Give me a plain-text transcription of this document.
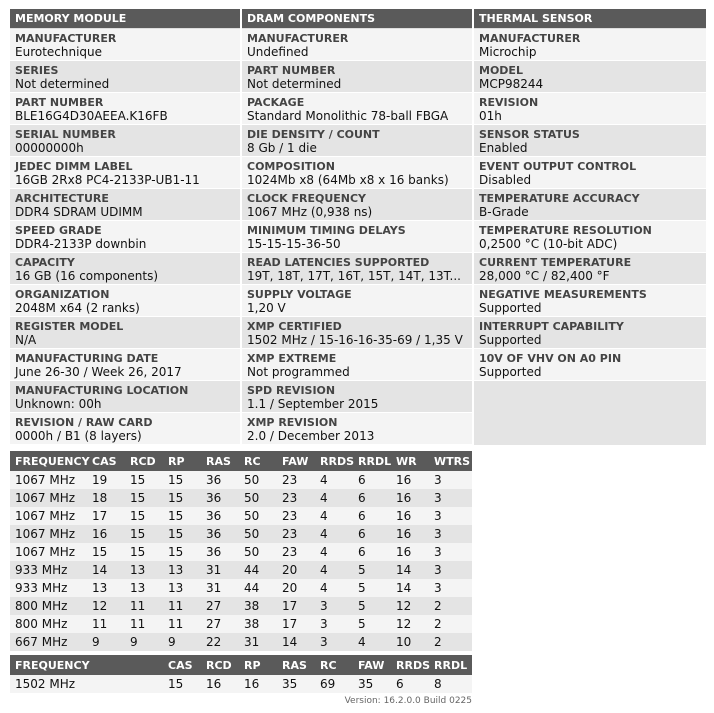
MEMORY MODULE
MANUFACTURER
Eurotechnique
SERIES
Not determined
PART NUMBER
BLE16G4D30AEEA.K16FB
SERIAL NUMBER
00000000h
JEDEC DIMM LABEL
16GB 2Rx8 PC4-2133P-UB1-11
ARCHITECTURE
DDR4 SDRAM UDIMM
SPEED GRADE
DDR4-2133P downbin
CAPACITY
16 GB (16 components)
ORGANIZATION
2048M x64 (2 ranks)
REGISTER MODEL
N/A
MANUFACTURING DATE
June 26-30 / Week 26, 2017
MANUFACTURING LOCATION
Unknown: 00h
REVISION / RAW CARD
0000h / B1 (8 layers)
DRAM COMPONENTS
MANUFACTURER
Undefined
PART NUMBER
Not determined
PACKAGE
Standard Monolithic 78-ball FBGA
DIE DENSITY / COUNT
8 Gb / 1 die
COMPOSITION
1024Mb x8 (64Mb x8 x 16 banks)
CLOCK FREQUENCY
1067 MHz (0,938 ns)
MINIMUM TIMING DELAYS
15-15-15-36-50
READ LATENCIES SUPPORTED
19T, 18T, 17T, 16T, 15T, 14T, 13T...
SUPPLY VOLTAGE
1,20 V
XMP CERTIFIED
1502 MHz / 15-16-16-35-69 / 1,35 V
XMP EXTREME
Not programmed
SPD REVISION
1.1 / September 2015
XMP REVISION
2.0 / December 2013
THERMAL SENSOR
MANUFACTURER
Microchip
MODEL
MCP98244
REVISION
01h
SENSOR STATUS
Enabled
EVENT OUTPUT CONTROL
Disabled
TEMPERATURE ACCURACY
B-Grade
TEMPERATURE RESOLUTION
0,2500 °C (10-bit ADC)
CURRENT TEMPERATURE
28,000 °C / 82,400 °F
NEGATIVE MEASUREMENTS
Supported
INTERRUPT CAPABILITY
Supported
10V OF VHV ON A0 PIN
Supported
FREQUENCY	CAS	RCD	RP	RAS	RC	FAW	RRDS	RRDL	WR	WTRS
1067 MHz	19	15	15	36	50	23	4	6	16	3
1067 MHz	18	15	15	36	50	23	4	6	16	3
1067 MHz	17	15	15	36	50	23	4	6	16	3
1067 MHz	16	15	15	36	50	23	4	6	16	3
1067 MHz	15	15	15	36	50	23	4	6	16	3
933 MHz	14	13	13	31	44	20	4	5	14	3
933 MHz	13	13	13	31	44	20	4	5	14	3
800 MHz	12	11	11	27	38	17	3	5	12	2
800 MHz	11	11	11	27	38	17	3	5	12	2
667 MHz	9	9	9	22	31	14	3	4	10	2
FREQUENCY		CAS	RCD	RP	RAS	RC	FAW	RRDS	RRDL
1502 MHz		15	16	16	35	69	35	6	8
Version: 16.2.0.0 Build 0225
